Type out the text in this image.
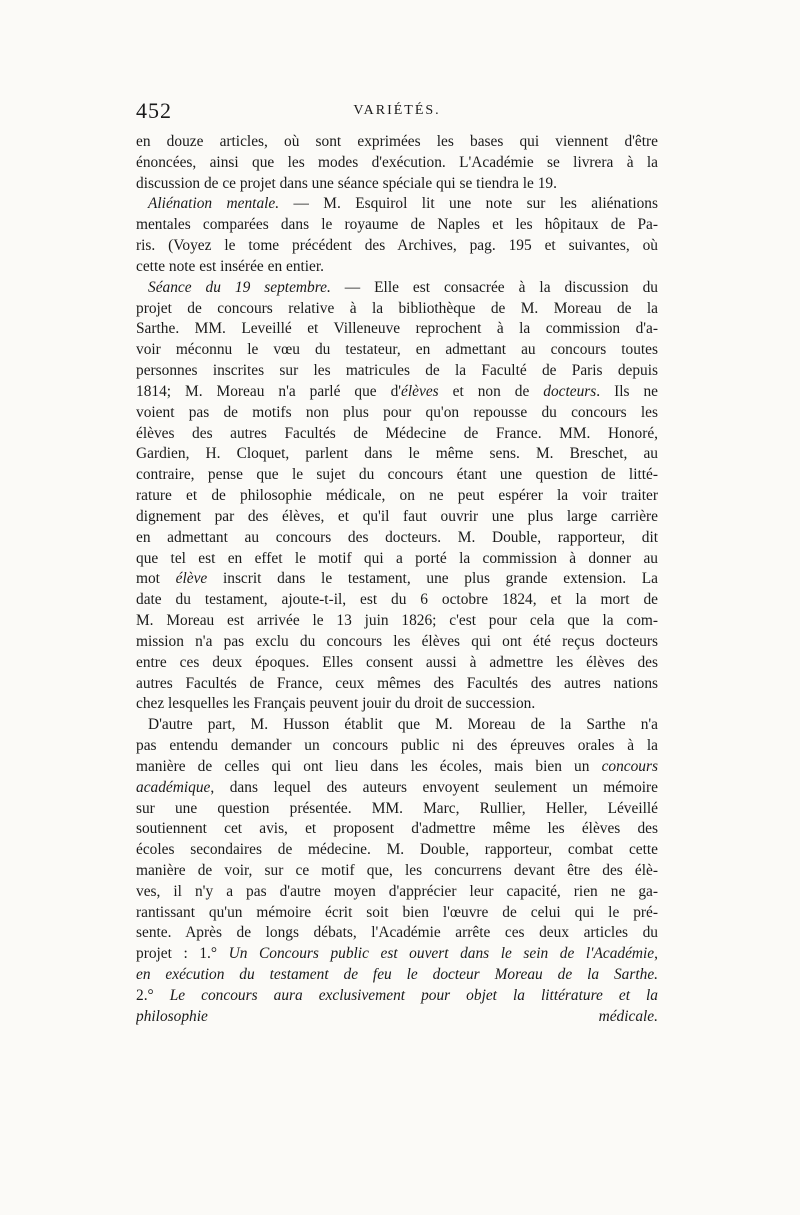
452	VARIÉTÉS.
en douze articles, où sont exprimées les bases qui viennent d'être
énoncées, ainsi que les modes d'exécution. L'Académie se livrera à la
discussion de ce projet dans une séance spéciale qui se tiendra le 19.
Aliénation mentale. — M. Esquirol lit une note sur les aliénations
mentales comparées dans le royaume de Naples et les hôpitaux de Pa-
ris. (Voyez le tome précédent des Archives, pag. 195 et suivantes, où
cette note est insérée en entier.
Séance du 19 septembre. — Elle est consacrée à la discussion du
projet de concours relative à la bibliothèque de M. Moreau de la
Sarthe. MM. Leveillé et Villeneuve reprochent à la commission d'a-
voir méconnu le vœu du testateur, en admettant au concours toutes
personnes inscrites sur les matricules de la Faculté de Paris depuis
1814; M. Moreau n'a parlé que d'élèves et non de docteurs. Ils ne
voient pas de motifs non plus pour qu'on repousse du concours les
élèves des autres Facultés de Médecine de France. MM. Honoré,
Gardien, H. Cloquet, parlent dans le même sens. M. Breschet, au
contraire, pense que le sujet du concours étant une question de litté-
rature et de philosophie médicale, on ne peut espérer la voir traiter
dignement par des élèves, et qu'il faut ouvrir une plus large carrière
en admettant au concours des docteurs. M. Double, rapporteur, dit
que tel est en effet le motif qui a porté la commission à donner au
mot élève inscrit dans le testament, une plus grande extension. La
date du testament, ajoute-t-il, est du 6 octobre 1824, et la mort de
M. Moreau est arrivée le 13 juin 1826; c'est pour cela que la com-
mission n'a pas exclu du concours les élèves qui ont été reçus docteurs
entre ces deux époques. Elles consent aussi à admettre les élèves des
autres Facultés de France, ceux mêmes des Facultés des autres nations
chez lesquelles les Français peuvent jouir du droit de succession.
D'autre part, M. Husson établit que M. Moreau de la Sarthe n'a
pas entendu demander un concours public ni des épreuves orales à la
manière de celles qui ont lieu dans les écoles, mais bien un concours
académique, dans lequel des auteurs envoyent seulement un mémoire
sur une question présentée. MM. Marc, Rullier, Heller, Léveillé
soutiennent cet avis, et proposent d'admettre même les élèves des
écoles secondaires de médecine. M. Double, rapporteur, combat cette
manière de voir, sur ce motif que, les concurrens devant être des élè-
ves, il n'y a pas d'autre moyen d'apprécier leur capacité, rien ne ga-
rantissant qu'un mémoire écrit soit bien l'œuvre de celui qui le pré-
sente. Après de longs débats, l'Académie arrête ces deux articles du
projet : 1.° Un Concours public est ouvert dans le sein de l'Académie,
en exécution du testament de feu le docteur Moreau de la Sarthe.
2.° Le concours aura exclusivement pour objet la littérature et la
philosophie médicale.
